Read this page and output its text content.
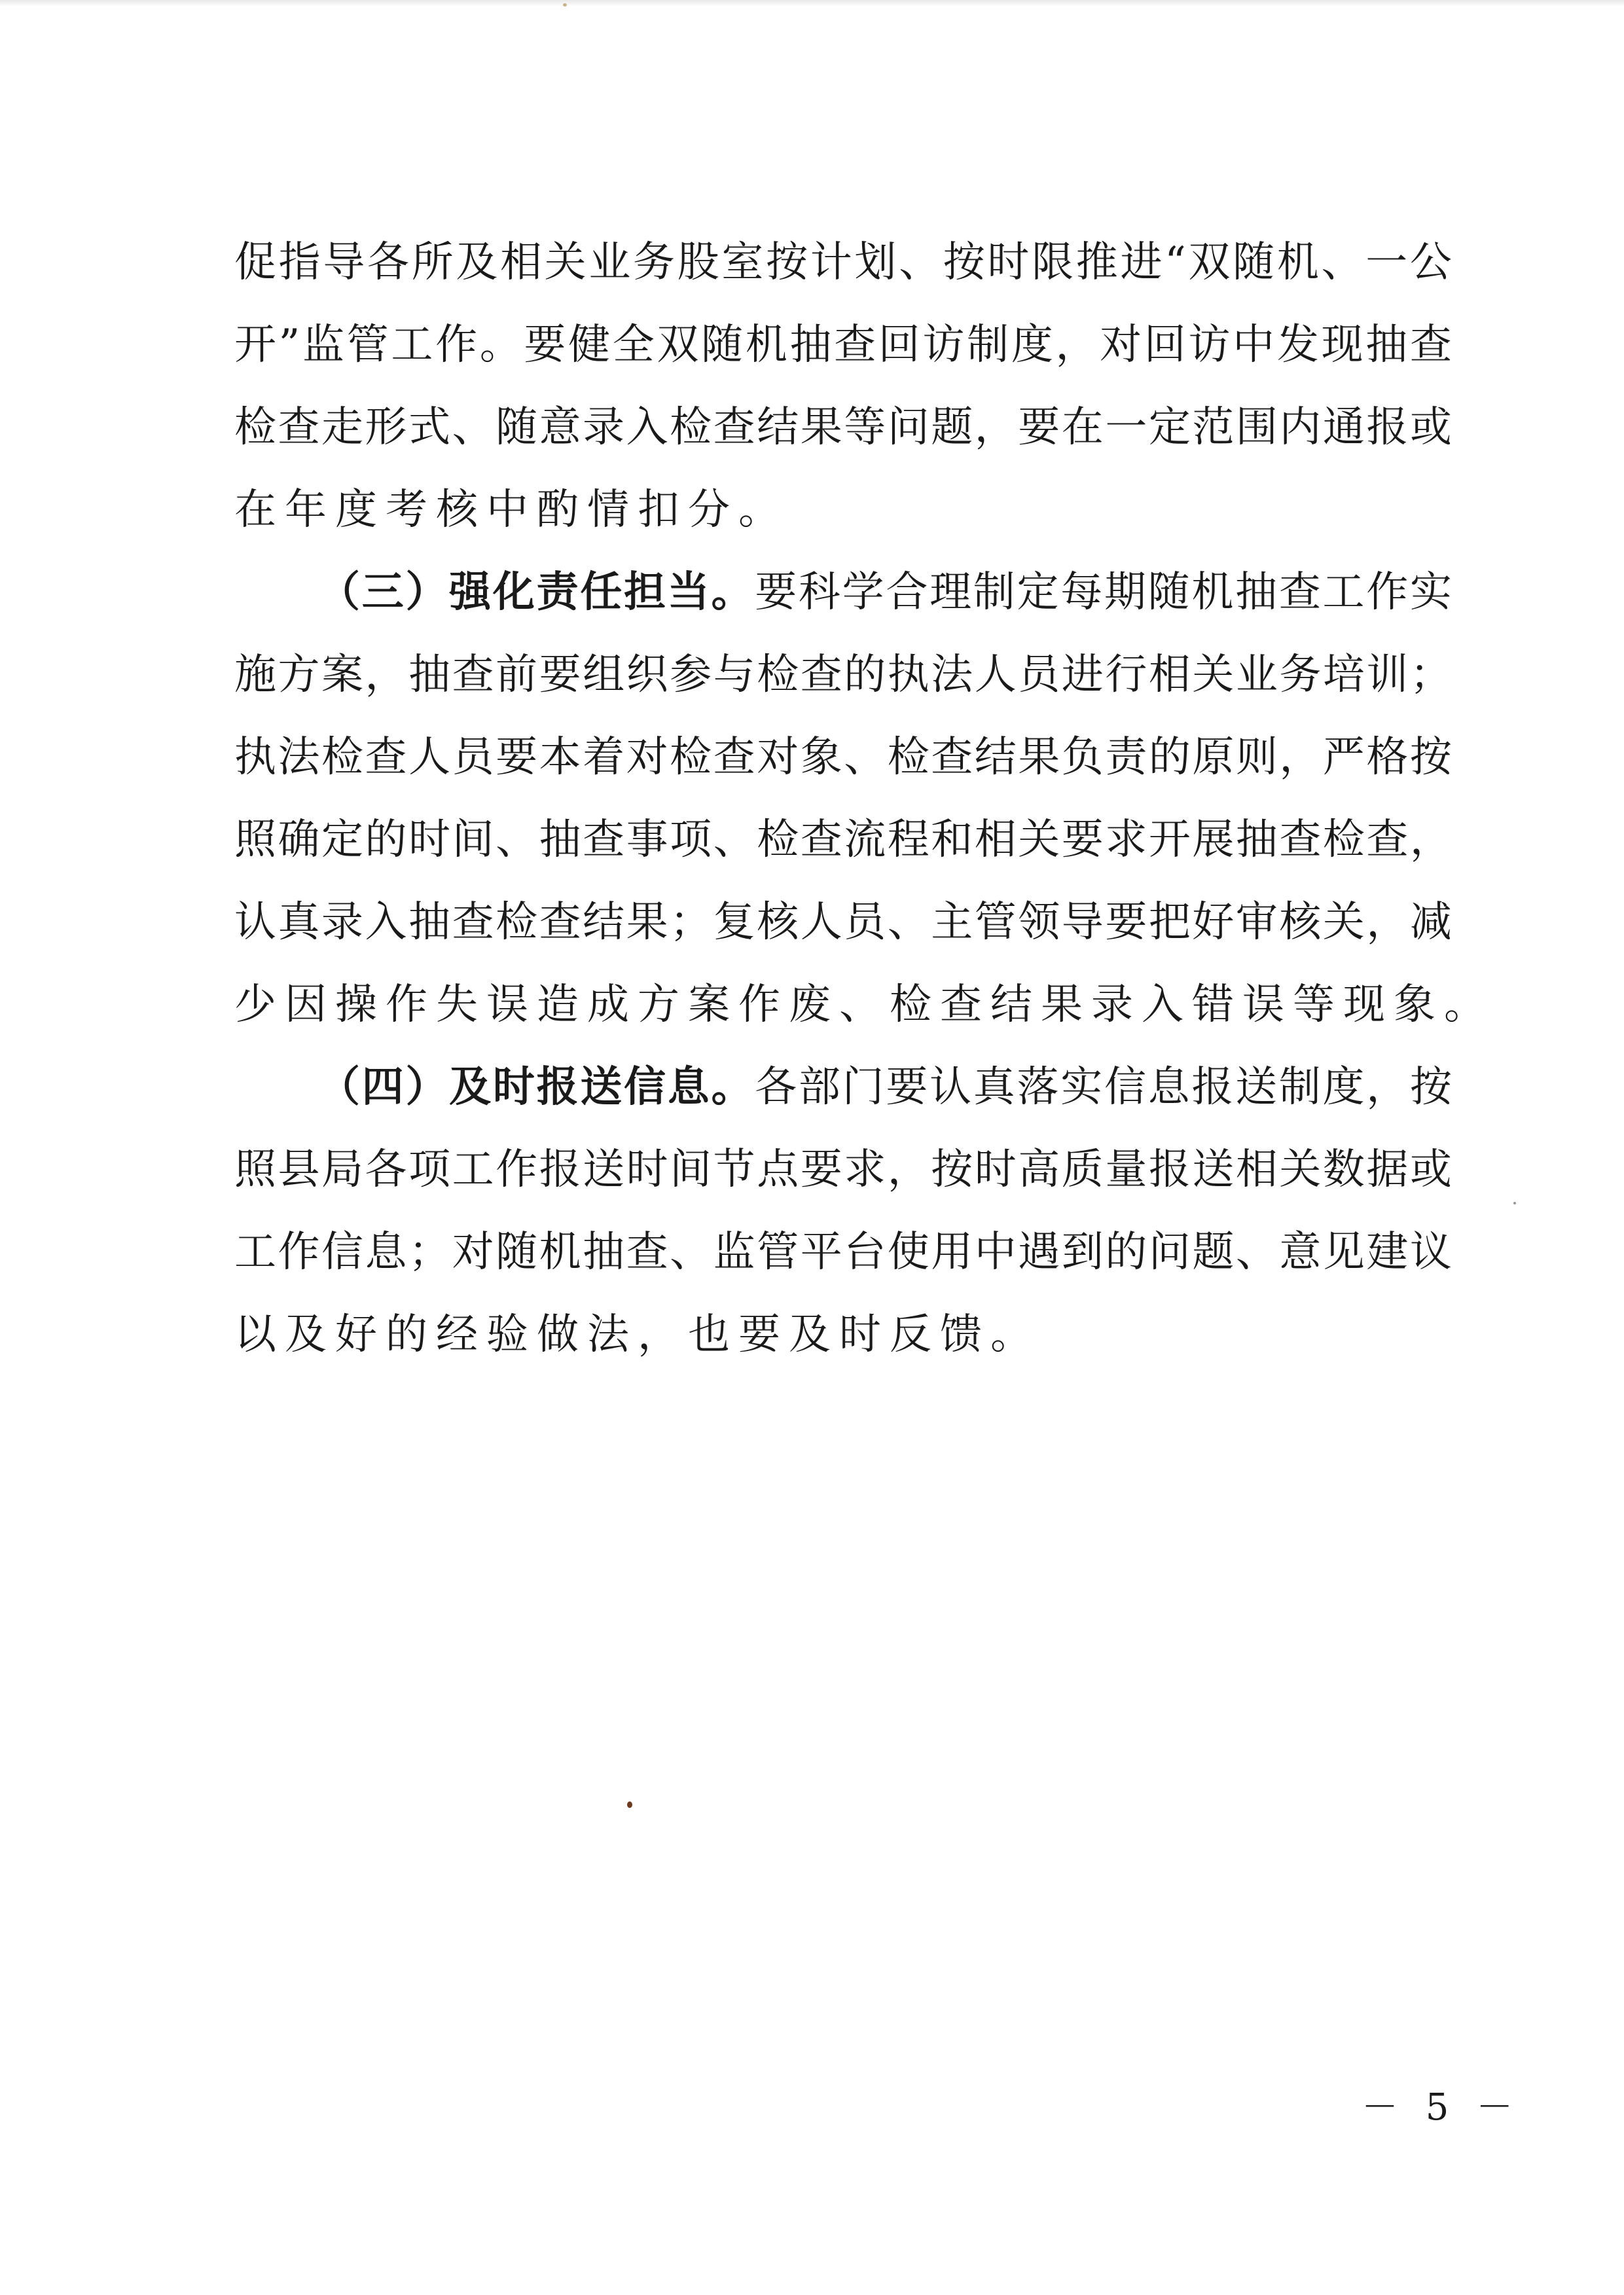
促 指 导 各 所 及 相 关 业 务 股 室 按 计 划 、 按 时 限 推 进 “ 双 随 机 、 一 公
开 ” 监 管 工 作 。 要 健 全 双 随 机 抽 查 回 访 制 度 ， 对 回 访 中 发 现 抽 查
检 查 走 形 式 、 随 意 录 入 检 查 结 果 等 问 题 ， 要 在 一 定 范 围 内 通 报 或
在年度考核中酌情扣分。
（ 三 ） 强 化 责 任 担 当 。 要 科 学 合 理 制 定 每 期 随 机 抽 查 工 作 实
施 方 案 ， 抽 查 前 要 组 织 参 与 检 查 的 执 法 人 员 进 行 相 关 业 务 培 训 ；
执 法 检 查 人 员 要 本 着 对 检 查 对 象 、 检 查 结 果 负 责 的 原 则 ， 严 格 按
照 确 定 的 时 间 、 抽 查 事 项 、 检 查 流 程 和 相 关 要 求 开 展 抽 查 检 查 ，
认 真 录 入 抽 查 检 查 结 果 ； 复 核 人 员 、 主 管 领 导 要 把 好 审 核 关 ， 减
少因操作失误造成方案作废、检查结果录入错误等现象。
（ 四 ） 及 时 报 送 信 息 。 各 部 门 要 认 真 落 实 信 息 报 送 制 度 ， 按
照 县 局 各 项 工 作 报 送 时 间 节 点 要 求 ， 按 时 高 质 量 报 送 相 关 数 据 或
工 作 信 息 ； 对 随 机 抽 查 、 监 管 平 台 使 用 中 遇 到 的 问 题 、 意 见 建 议
以及好的经验做法，也要及时反馈。
－ 5 －
